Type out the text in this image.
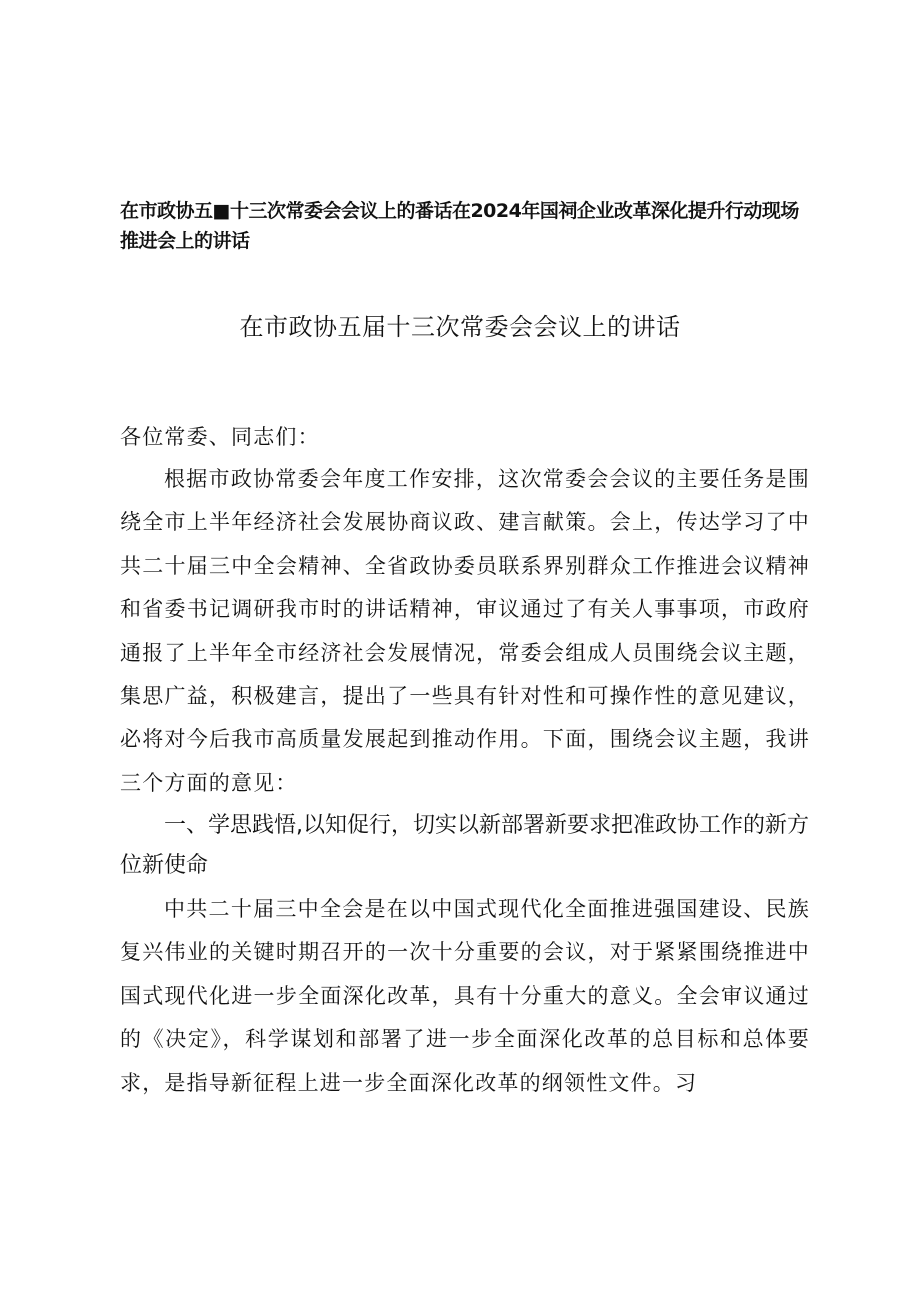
在市政协五■十三次常委会会议上的番话在2024年国祠企业改革深化提升行动现场推进会上的讲话
在市政协五届十三次常委会会议上的讲话
各位常委、同志们：
根据市政协常委会年度工作安排，这次常委会会议的主要任务是围绕全市上半年经济社会发展协商议政、建言献策。会上，传达学习了中共二十届三中全会精神、全省政协委员联系界别群众工作推进会议精神和省委书记调研我市时的讲话精神，审议通过了有关人事事项，市政府通报了上半年全市经济社会发展情况，常委会组成人员围绕会议主题，集思广益，积极建言，提出了一些具有针对性和可操作性的意见建议，必将对今后我市高质量发展起到推动作用。下面，围绕会议主题，我讲三个方面的意见：
一、学思践悟,以知促行，切实以新部署新要求把准政协工作的新方位新使命
中共二十届三中全会是在以中国式现代化全面推进强国建设、民族复兴伟业的关键时期召开的一次十分重要的会议，对于紧紧围绕推进中国式现代化进一步全面深化改革，具有十分重大的意义。全会审议通过的《决定》，科学谋划和部署了进一步全面深化改革的总目标和总体要求，是指导新征程上进一步全面深化改革的纲领性文件。习
